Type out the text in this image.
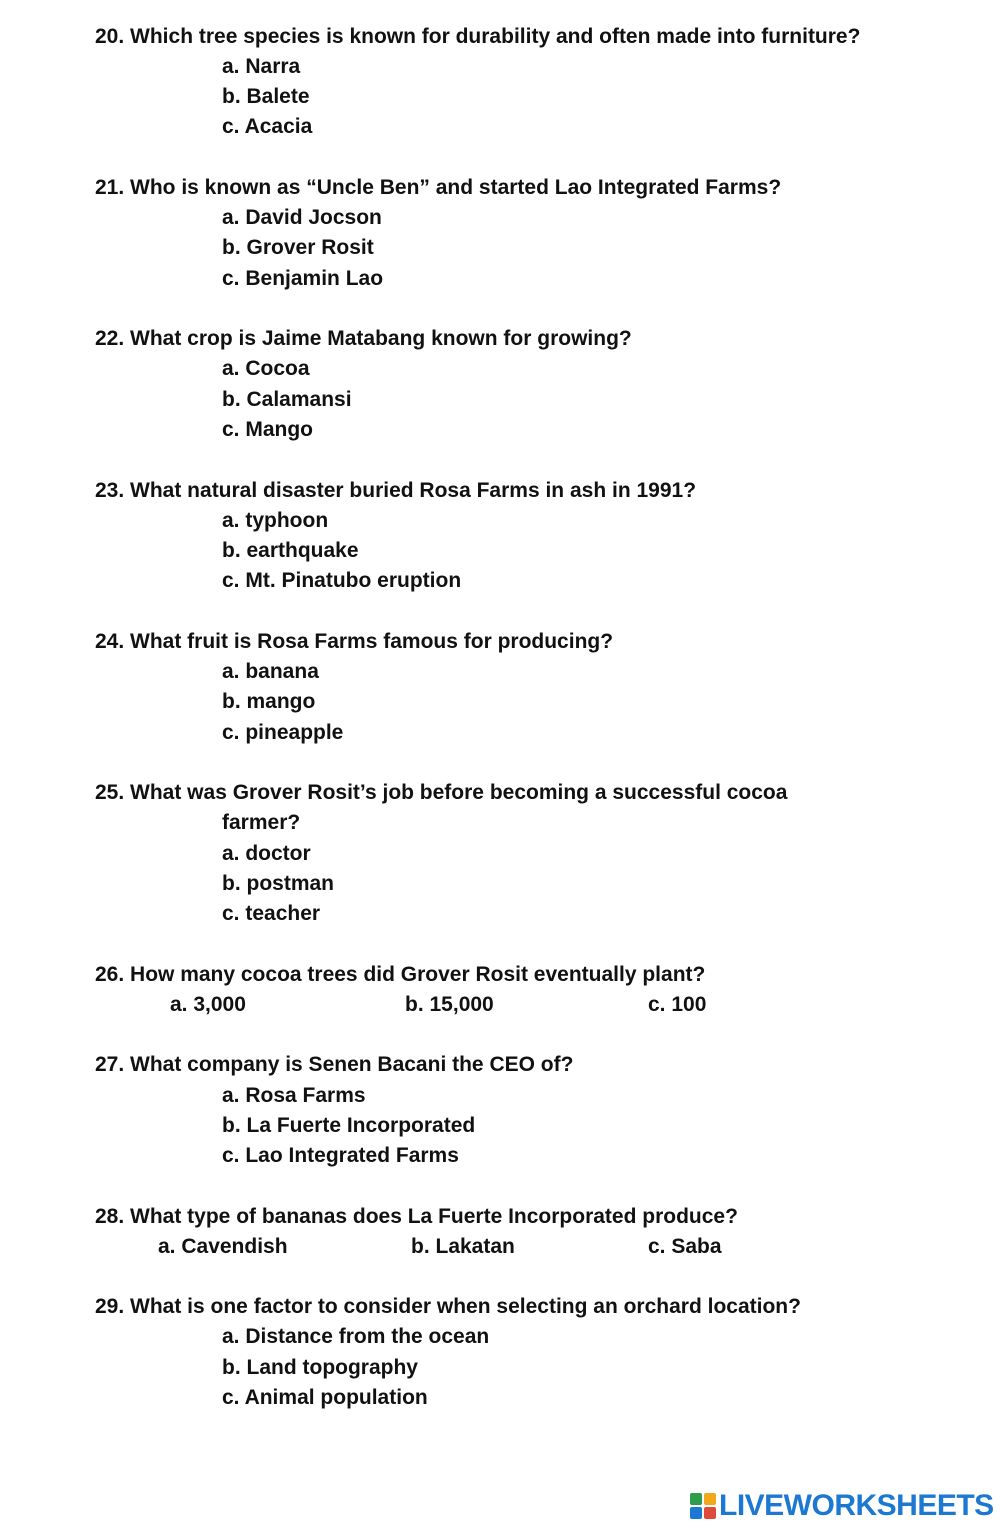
20. Which tree species is known for durability and often made into furniture?
a. Narra
b. Balete
c. Acacia
21. Who is known as “Uncle Ben” and started Lao Integrated Farms?
a. David Jocson
b. Grover Rosit
c. Benjamin Lao
22. What crop is Jaime Matabang known for growing?
a. Cocoa
b. Calamansi
c. Mango
23. What natural disaster buried Rosa Farms in ash in 1991?
a. typhoon
b. earthquake
c. Mt. Pinatubo eruption
24. What fruit is Rosa Farms famous for producing?
a. banana
b. mango
c. pineapple
25. What was Grover Rosit’s job before becoming a successful cocoa
farmer?
a. doctor
b. postman
c. teacher
26. How many cocoa trees did Grover Rosit eventually plant?
a. 3,000	b. 15,000	c. 100
27. What company is Senen Bacani the CEO of?
a. Rosa Farms
b. La Fuerte Incorporated
c. Lao Integrated Farms
28. What type of bananas does La Fuerte Incorporated produce?
a. Cavendish	b. Lakatan	c. Saba
29. What is one factor to consider when selecting an orchard location?
a. Distance from the ocean
b. Land topography
c. Animal population
LIVEWORKSHEETS
